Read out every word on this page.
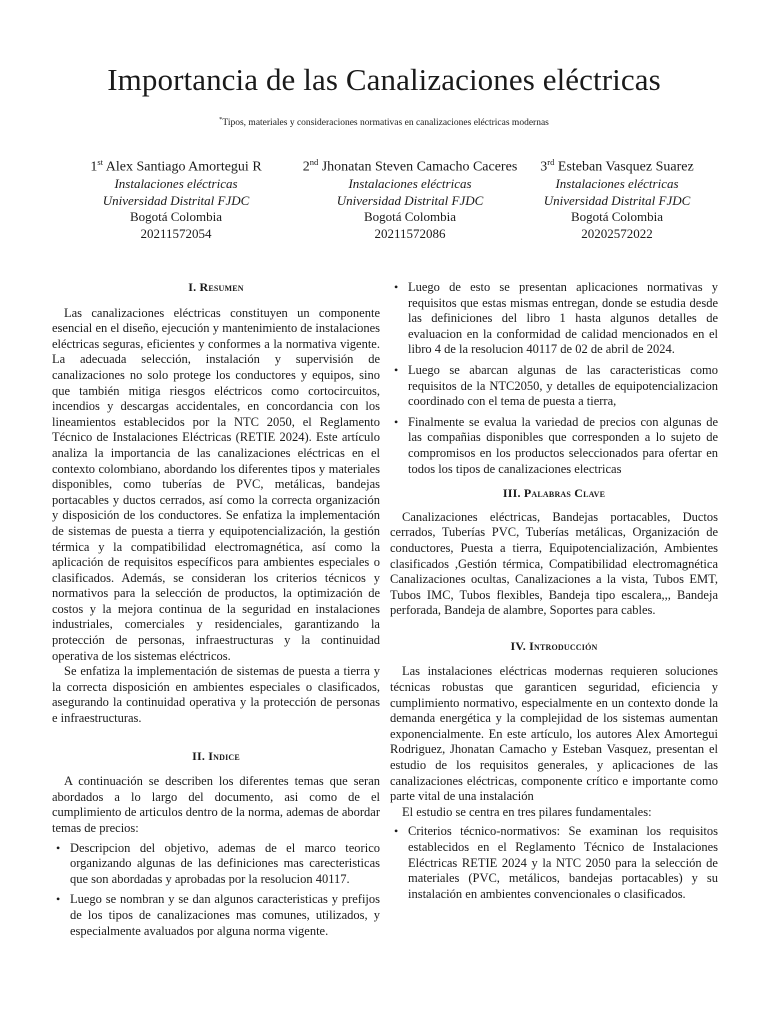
Importancia de las Canalizaciones eléctricas
*Tipos, materiales y consideraciones normativas en canalizaciones eléctricas modernas
1st Alex Santiago Amortegui R
Instalaciones eléctricas
Universidad Distrital FJDC
Bogotá Colombia
20211572054
2nd Jhonatan Steven Camacho Caceres
Instalaciones eléctricas
Universidad Distrital FJDC
Bogotá Colombia
20211572086
3rd Esteban Vasquez Suarez
Instalaciones eléctricas
Universidad Distrital FJDC
Bogotá Colombia
20202572022
I. Resumen

Las canalizaciones eléctricas constituyen un componente esencial en el diseño, ejecución y mantenimiento de instalaciones eléctricas seguras, eficientes y conformes a la normativa vigente. La adecuada selección, instalación y supervisión de canalizaciones no solo protege los conductores y equipos, sino que también mitiga riesgos eléctricos como cortocircuitos, incendios y descargas accidentales, en concordancia con los lineamientos establecidos por la NTC 2050, el Reglamento Técnico de Instalaciones Eléctricas (RETIE 2024). Este artículo analiza la importancia de las canalizaciones eléctricas en el contexto colombiano, abordando los diferentes tipos y materiales disponibles, como tuberías de PVC, metálicas, bandejas portacables y ductos cerrados, así como la correcta organización y disposición de los conductores. Se enfatiza la implementación de sistemas de puesta a tierra y equipotencialización, la gestión térmica y la compatibilidad electromagnética, así como la aplicación de requisitos específicos para ambientes especiales o clasificados. Además, se consideran los criterios técnicos y normativos para la selección de productos, la optimización de costos y la mejora continua de la seguridad en instalaciones industriales, comerciales y residenciales, garantizando la protección de personas, infraestructuras y la continuidad operativa de los sistemas eléctricos.

Se enfatiza la implementación de sistemas de puesta a tierra y la correcta disposición en ambientes especiales o clasificados, asegurando la continuidad operativa y la protección de personas e infraestructuras.

II. Indice

A continuación se describen los diferentes temas que seran abordados a lo largo del documento, asi como de el cumplimiento de articulos dentro de la norma, ademas de abordar temas de precios:

• Descripcion del objetivo, ademas de el marco teorico organizando algunas de las definiciones mas carecteristicas que son abordadas y aprobadas por la resolucion 40117.
• Luego se nombran y se dan algunos caracteristicas y prefijos de los tipos de canalizaciones mas comunes, utilizados, y especialmente avaluados por alguna norma vigente.
• Luego de esto se presentan aplicaciones normativas y requisitos que estas mismas entregan, donde se estudia desde las definiciones del libro 1 hasta algunos detalles de evaluacion en la conformidad de calidad mencionados en el libro 4 de la resolucion 40117 de 02 de abril de 2024.
• Luego se abarcan algunas de las caracteristicas como requisitos de la NTC2050, y detalles de equipotencializacion coordinado con el tema de puesta a tierra,
• Finalmente se evalua la variedad de precios con algunas de las compañias disponibles que corresponden a lo sujeto de compromisos en los productos seleccionados para ofertar en todos los tipos de canalizaciones electricas
III. Palabras Clave

Canalizaciones eléctricas, Bandejas portacables, Ductos cerrados, Tuberías PVC, Tuberías metálicas, Organización de conductores, Puesta a tierra, Equipotencialización, Ambientes clasificados ,Gestión térmica, Compatibilidad electromagnética Canalizaciones ocultas, Canalizaciones a la vista, Tubos EMT, Tubos IMC, Tubos flexibles, Bandeja tipo escalera,,, Bandeja perforada, Bandeja de alambre, Soportes para cables.

IV. Introducción

Las instalaciones eléctricas modernas requieren soluciones técnicas robustas que garanticen seguridad, eficiencia y cumplimiento normativo, especialmente en un contexto donde la demanda energética y la complejidad de los sistemas aumentan exponencialmente. En este artículo, los autores Alex Amortegui Rodriguez, Jhonatan Camacho y Esteban Vasquez, presentan el estudio de los requisitos generales, y aplicaciones de las canalizaciones eléctricas, componente crítico e importante como parte vital de una instalación

El estudio se centra en tres pilares fundamentales:

• Criterios técnico-normativos: Se examinan los requisitos establecidos en el Reglamento Técnico de Instalaciones Eléctricas RETIE 2024 y la NTC 2050 para la selección de materiales (PVC, metálicos, bandejas portacables) y su instalación en ambientes convencionales o clasificados.
